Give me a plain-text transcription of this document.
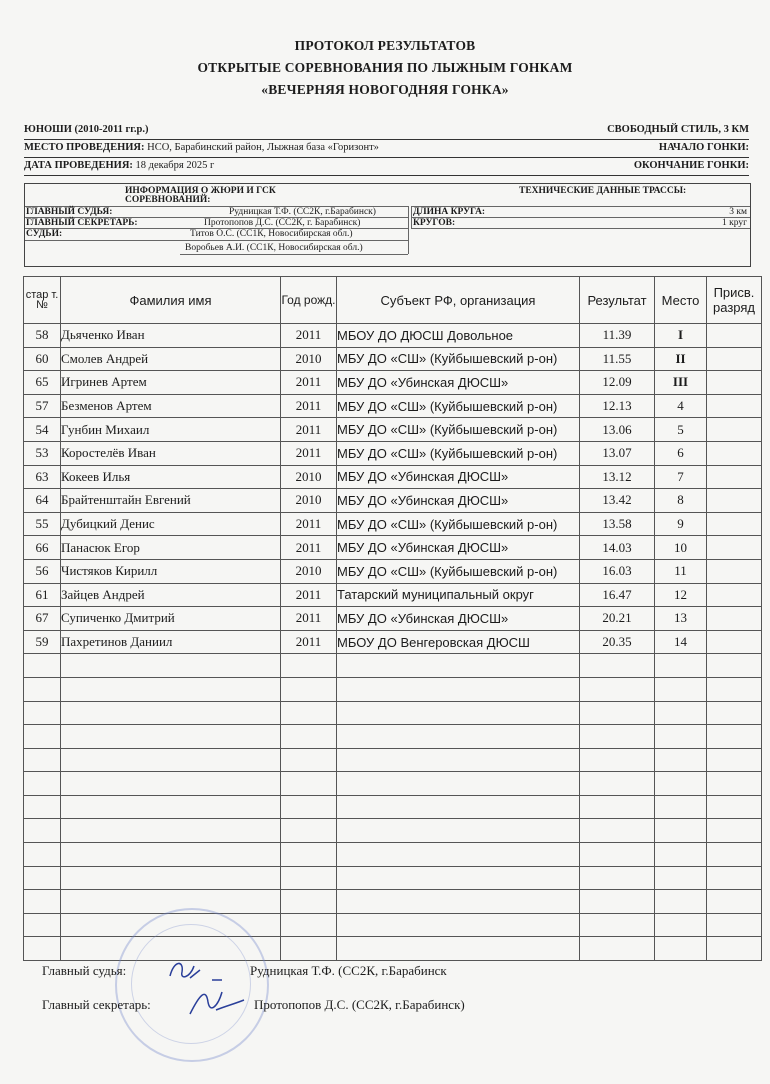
ПРОТОКОЛ РЕЗУЛЬТАТОВ
ОТКРЫТЫЕ СОРЕВНОВАНИЯ ПО ЛЫЖНЫМ ГОНКАМ
«ВЕЧЕРНЯЯ НОВОГОДНЯЯ ГОНКА»
ЮНОШИ (2010-2011 гг.р.)	СВОБОДНЫЙ СТИЛЬ, 3 КМ
МЕСТО ПРОВЕДЕНИЯ: НСО, Барабинский район, Лыжная база «Горизонт»	НАЧАЛО ГОНКИ:
ДАТА ПРОВЕДЕНИЯ: 18 декабря 2025 г	ОКОНЧАНИЕ ГОНКИ:
ИНФОРМАЦИЯ О ЖЮРИ И ГСК
СОРЕВНОВАНИЙ:
ТЕХНИЧЕСКИЕ ДАННЫЕ ТРАССЫ:
ГЛАВНЫЙ СУДЬЯ:	Рудницкая Т.Ф. (СС2К, г.Барабинск)	ДЛИНА КРУГА:	3 км
ГЛАВНЫЙ СЕКРЕТАРЬ:	Протопопов Д.С. (СС2К, г. Барабинск)	КРУГОВ:	1 круг
СУДЬИ:	Титов О.С. (СС1К, Новосибирская обл.)
Воробьев А.И. (СС1К, Новосибирская обл.)
стар т. №	Фамилия имя	Год рожд.	Субъект РФ, организация	Результат	Место	Присв. разряд
58	Дьяченко Иван	2011	МБОУ ДО ДЮСШ Довольное	11.39	I	
60	Смолев Андрей	2010	МБУ ДО «СШ» (Куйбышевский р-он)	11.55	II	
65	Игринев Артем	2011	МБУ ДО «Убинская ДЮСШ»	12.09	III	
57	Безменов Артем	2011	МБУ ДО «СШ» (Куйбышевский р-он)	12.13	4	
54	Гунбин Михаил	2011	МБУ ДО «СШ» (Куйбышевский р-он)	13.06	5	
53	Коростелёв Иван	2011	МБУ ДО «СШ» (Куйбышевский р-он)	13.07	6	
63	Кокеев Илья	2010	МБУ ДО «Убинская ДЮСШ»	13.12	7	
64	Брайтенштайн Евгений	2010	МБУ ДО «Убинская ДЮСШ»	13.42	8	
55	Дубицкий Денис	2011	МБУ ДО «СШ» (Куйбышевский р-он)	13.58	9	
66	Панасюк Егор	2011	МБУ ДО «Убинская ДЮСШ»	14.03	10	
56	Чистяков Кирилл	2010	МБУ ДО «СШ» (Куйбышевский р-он)	16.03	11	
61	Зайцев Андрей	2011	Татарский муниципальный округ	16.47	12	
67	Супиченко Дмитрий	2011	МБУ ДО «Убинская ДЮСШ»	20.21	13	
59	Пахретинов Даниил	2011	МБОУ ДО Венгеровская ДЮСШ	20.35	14	

Главный судья:	Рудницкая Т.Ф. (СС2К, г.Барабинск
Главный секретарь:	Протопопов Д.С. (СС2К, г.Барабинск)
